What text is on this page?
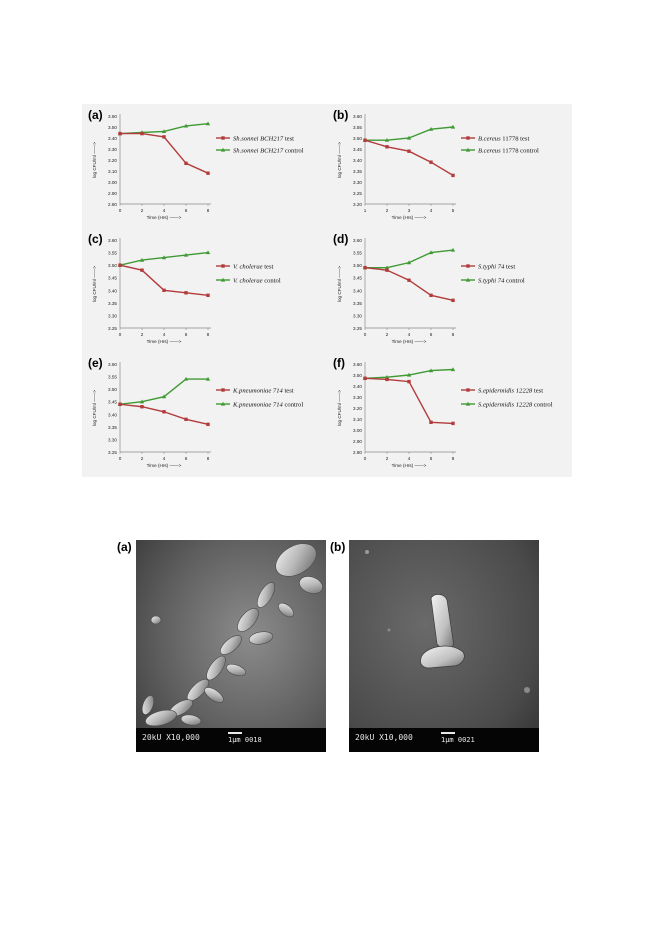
3.60
3.50
3.40
3.30
3.20
3.10
3.00
2.90
2.80
0	2	4	6	8
Time (Hrs) ——>
log CFU/ml ——>
Sh.sonnei BCH217 test
Sh.sonnei BCH217 control
(a)	3.60
3.55
3.50
3.45
3.40
3.35
3.30
3.25
3.20
1	2	3	4	5
Time (Hrs) ——>
log CFU/ml ——>
B.cereus 11778 test
B.cereus 11778 control
(b)
3.60
3.55
3.50
3.45
3.40
3.35
3.30
3.25
0	2	4	6	8
Time (Hrs) ——>
log CFU/ml ——>	V. cholerae test
V. cholerae contol
(c)	3.60
3.55
3.50
3.45
3.40
3.35
3.30
3.25
0	2	4	6	8
Time (Hrs) ——>
log CFU/ml ——>	S.typhi 74 test
S.typhi 74 control
(d)
3.60
3.55
3.50
3.45
3.40
3.35
3.30
3.25
0	2	4	6	8
Time (Hrs) ——>
log CFU/ml ——>	K.pneumoniae 714 test
K.pneumoniae 714 control
(e)	3.60
3.50
3.40
3.30
3.20
3.10
3.00
2.90
2.80
0	2	4	6	8
Time (Hrs) ——>
log CFU/ml ——>	S.epidermidis 12228 test
S.epidermidis 12228 control
(f)
(a)
20kU X10,000	1µm 0018
(b)
20kU X10,000	1µm 0021
